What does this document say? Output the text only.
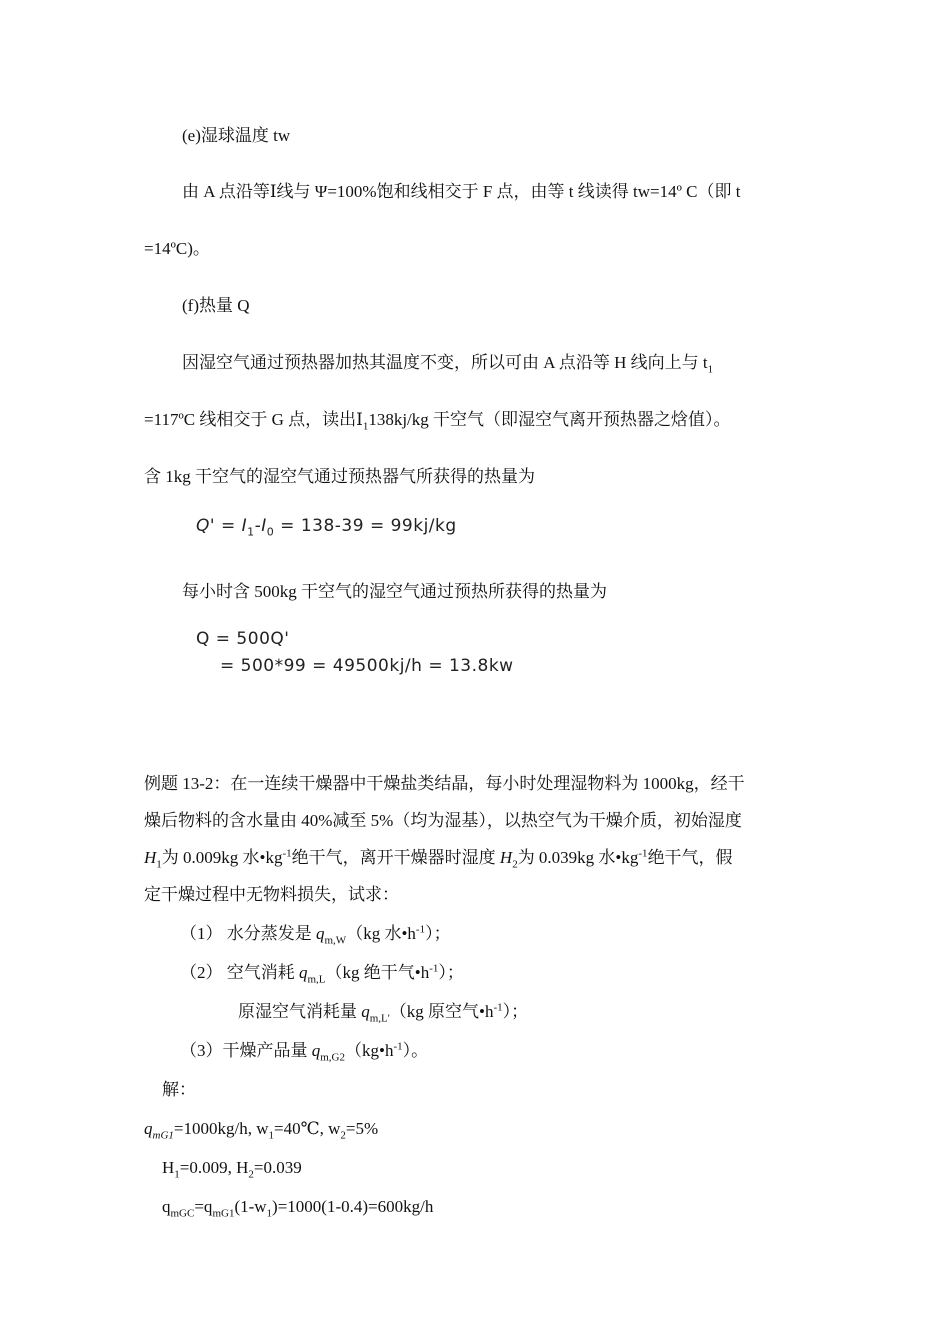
(e)湿球温度 tw
由 A 点沿等Ⅰ线与 Ψ=100%饱和线相交于 F 点，由等 t 线读得 tw=14º C（即 t
=14ºC)。
(f)热量 Q
因湿空气通过预热器加热其温度不变，所以可由 A 点沿等 H 线向上与 $t_1$
=117ºC 线相交于 G 点，读出$Ⅰ_1138kj/kg$ 干空气（即湿空气离开预热器之焓值）。
含 1kg 干空气的湿空气通过预热器气所获得的热量为
$Q' = I_1-I_0 = 138-39 = 99kj/kg$
每小时含 500kg 干空气的湿空气通过预热所获得的热量为
Q = 500Q'
= 500*99 = 49500kj/h = 13.8kw
例题 13-2：在一连续干燥器中干燥盐类结晶，每小时处理湿物料为 1000kg，经干
燥后物料的含水量由 40%减至 5%（均为湿基），以热空气为干燥介质，初始湿度
$H_1$为 0.009kg 水$•kg^{-1}$绝干气，离开干燥器时湿度 $H_2$为 0.039kg 水$•kg^{-1}$绝干气，假
定干燥过程中无物料损失，试求：
（1） 水分蒸发是 $q_{m,W}(kg$ 水$•h^{-1}$）；
（2） 空气消耗 $q_{m,L}(kg$ 绝干气$•h^{-1}$）；
原湿空气消耗量 $q_{m,L'}(kg$ 原空气$•h^{-1}$）；
（3）干燥产品量 $q_{m,G2}(kg•h^{-1})$。
解：
$q_{mG1}=1000kg/h$, $w_1=40℃$, $w_2=5\%$
$H_1=0.009$, $H_2=0.039$
$q_{mGC}=q_{mG1}(1-w_1)=1000(1-0.4)=600kg/h$
